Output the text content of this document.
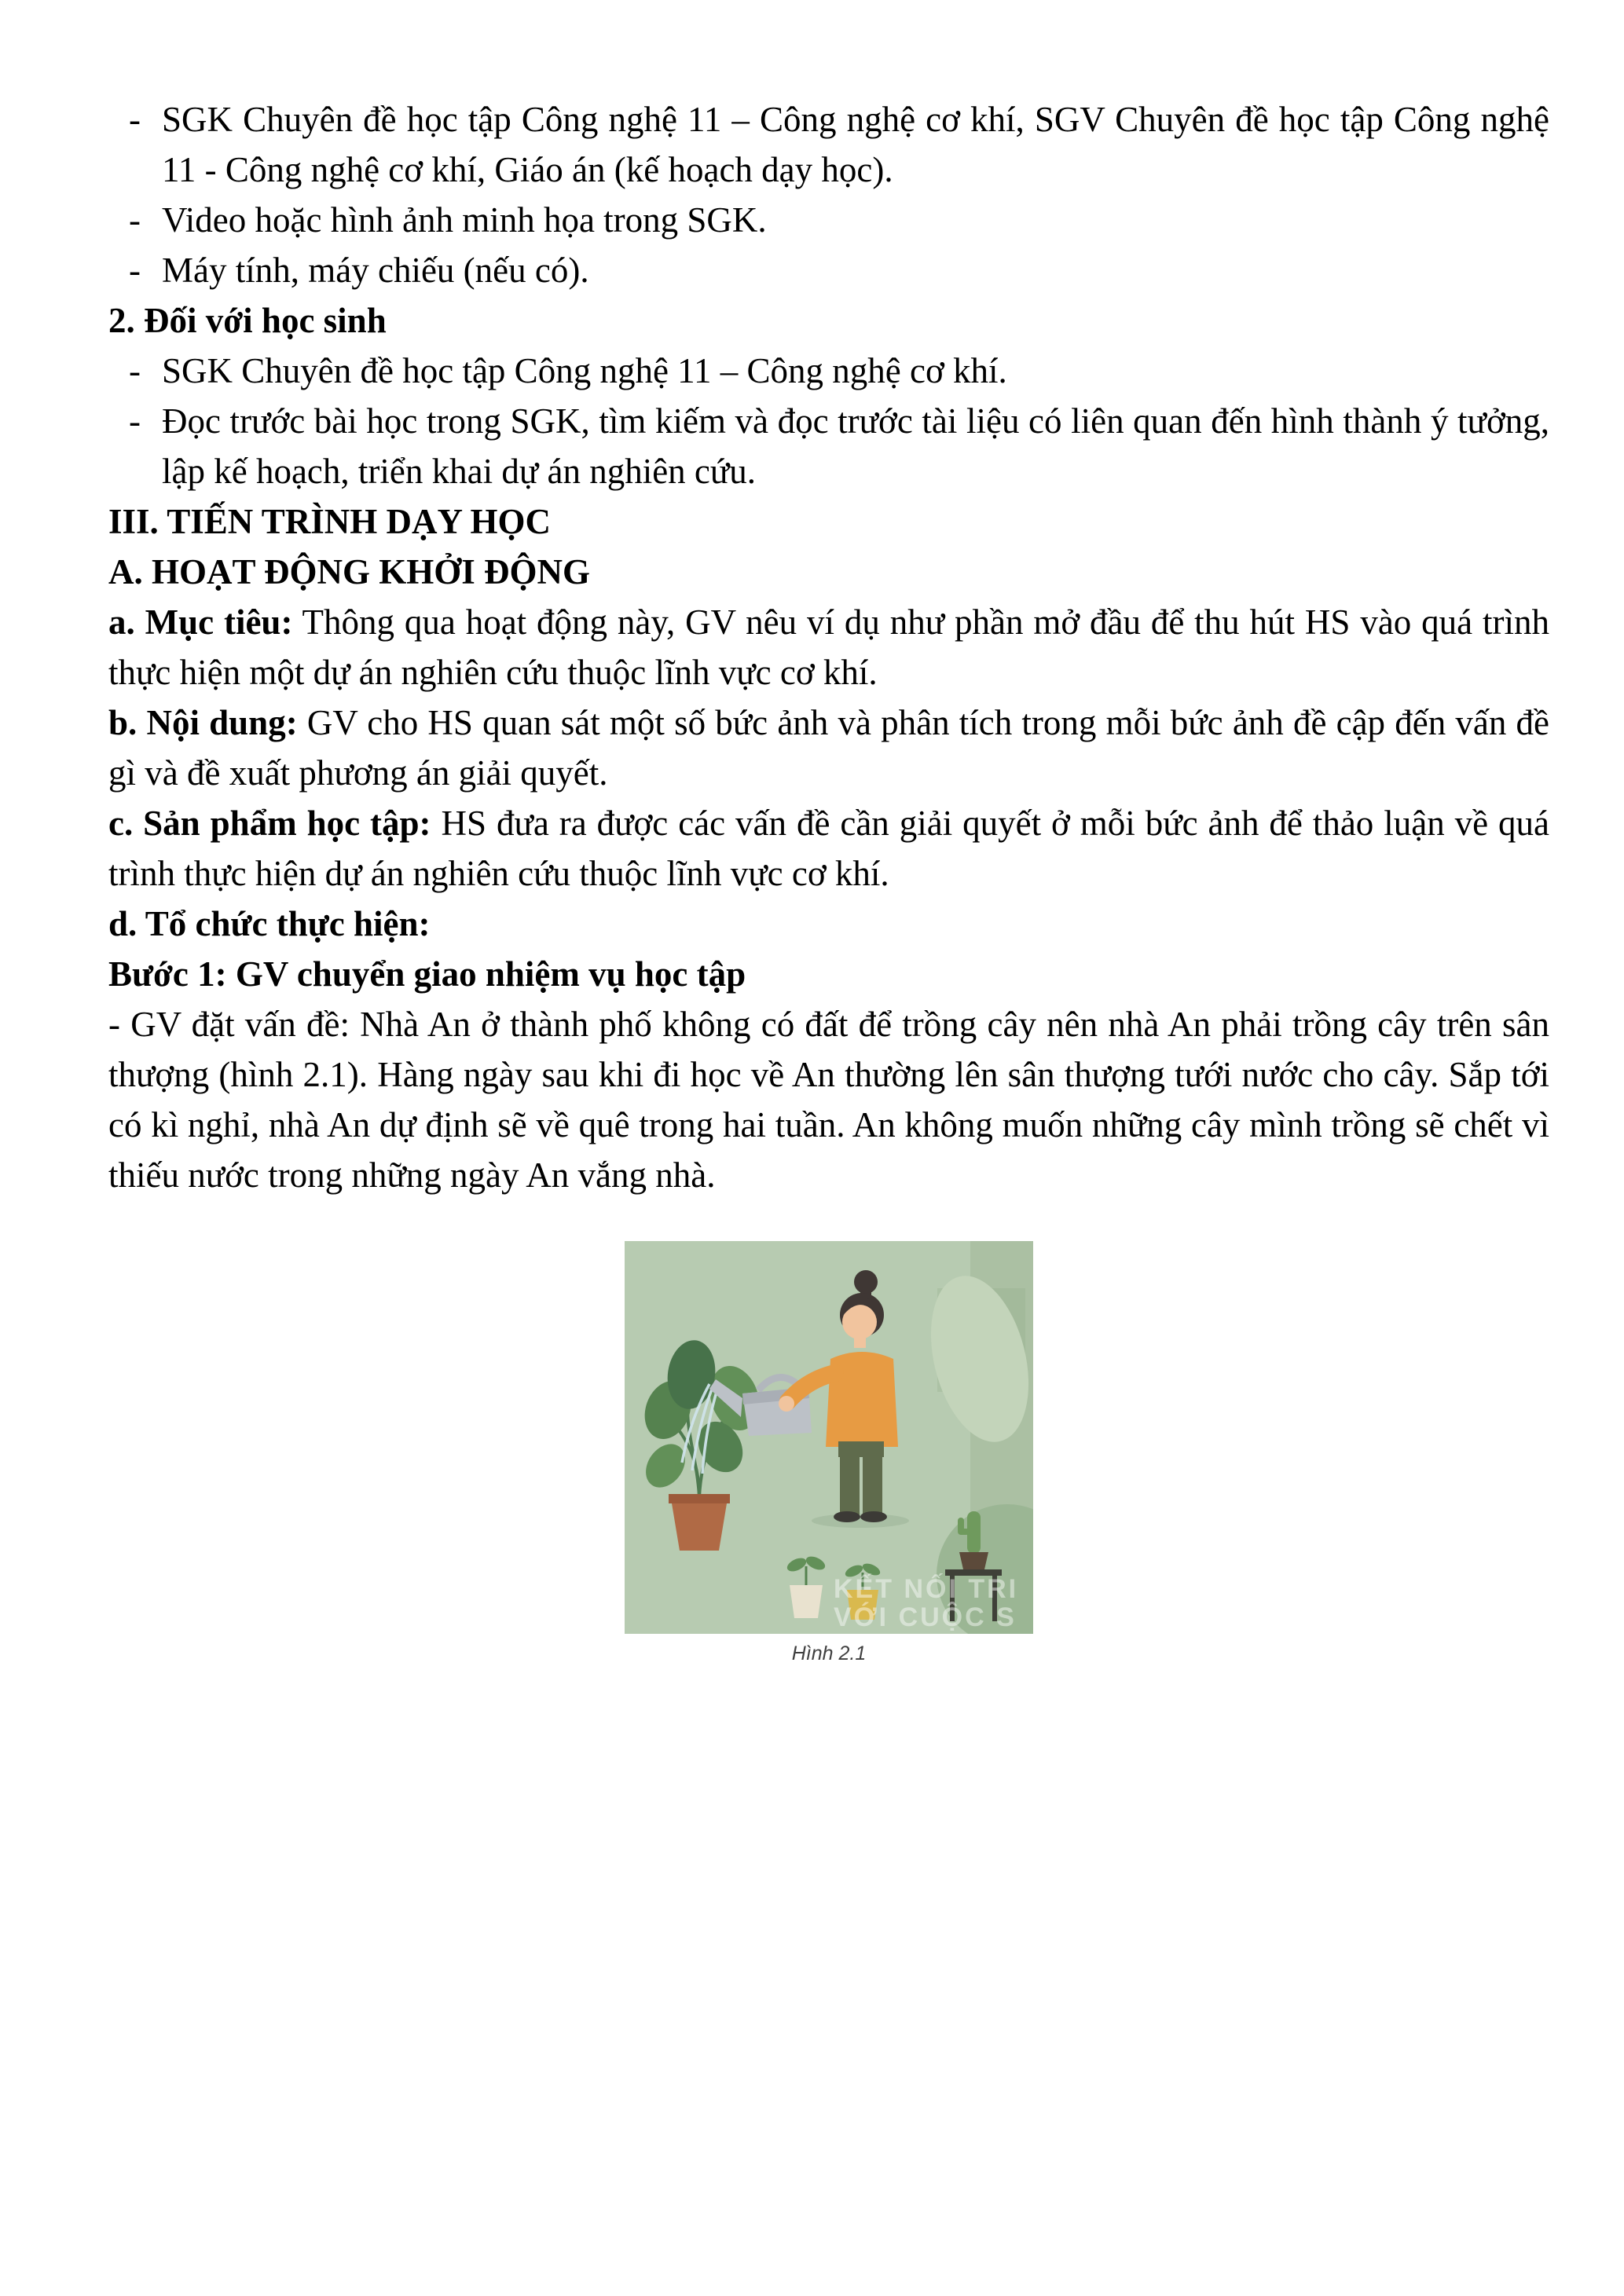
- SGK Chuyên đề học tập Công nghệ 11 – Công nghệ cơ khí, SGV Chuyên đề học tập Công nghệ 11 - Công nghệ cơ khí, Giáo án (kế hoạch dạy học).
- Video hoặc hình ảnh minh họa trong SGK.
- Máy tính, máy chiếu (nếu có).

2. Đối với học sinh

- SGK Chuyên đề học tập Công nghệ 11 – Công nghệ cơ khí.
- Đọc trước bài học trong SGK, tìm kiếm và đọc trước tài liệu có liên quan đến hình thành ý tưởng, lập kế hoạch, triển khai dự án nghiên cứu.

III. TIẾN TRÌNH DẠY HỌC

A. HOẠT ĐỘNG KHỞI ĐỘNG

a. Mục tiêu: Thông qua hoạt động này, GV nêu ví dụ như phần mở đầu để thu hút HS vào quá trình thực hiện một dự án nghiên cứu thuộc lĩnh vực cơ khí.

b. Nội dung: GV cho HS quan sát một số bức ảnh và phân tích trong mỗi bức ảnh đề cập đến vấn đề gì và đề xuất phương án giải quyết.

c. Sản phẩm học tập: HS đưa ra được các vấn đề cần giải quyết ở mỗi bức ảnh để thảo luận về quá trình thực hiện dự án nghiên cứu thuộc lĩnh vực cơ khí.

d. Tổ chức thực hiện:

Bước 1: GV chuyển giao nhiệm vụ học tập

- GV đặt vấn đề: Nhà An ở thành phố không có đất để trồng cây nên nhà An phải trồng cây trên sân thượng (hình 2.1). Hàng ngày sau khi đi học về An thường lên sân thượng tưới nước cho cây. Sắp tới có kì nghỉ, nhà An dự định sẽ về quê trong hai tuần. An không muốn những cây mình trồng sẽ chết vì thiếu nước trong những ngày An vắng nhà.

KẾT NỐI TRI
VỚI CUỘC S
Hình 2.1
